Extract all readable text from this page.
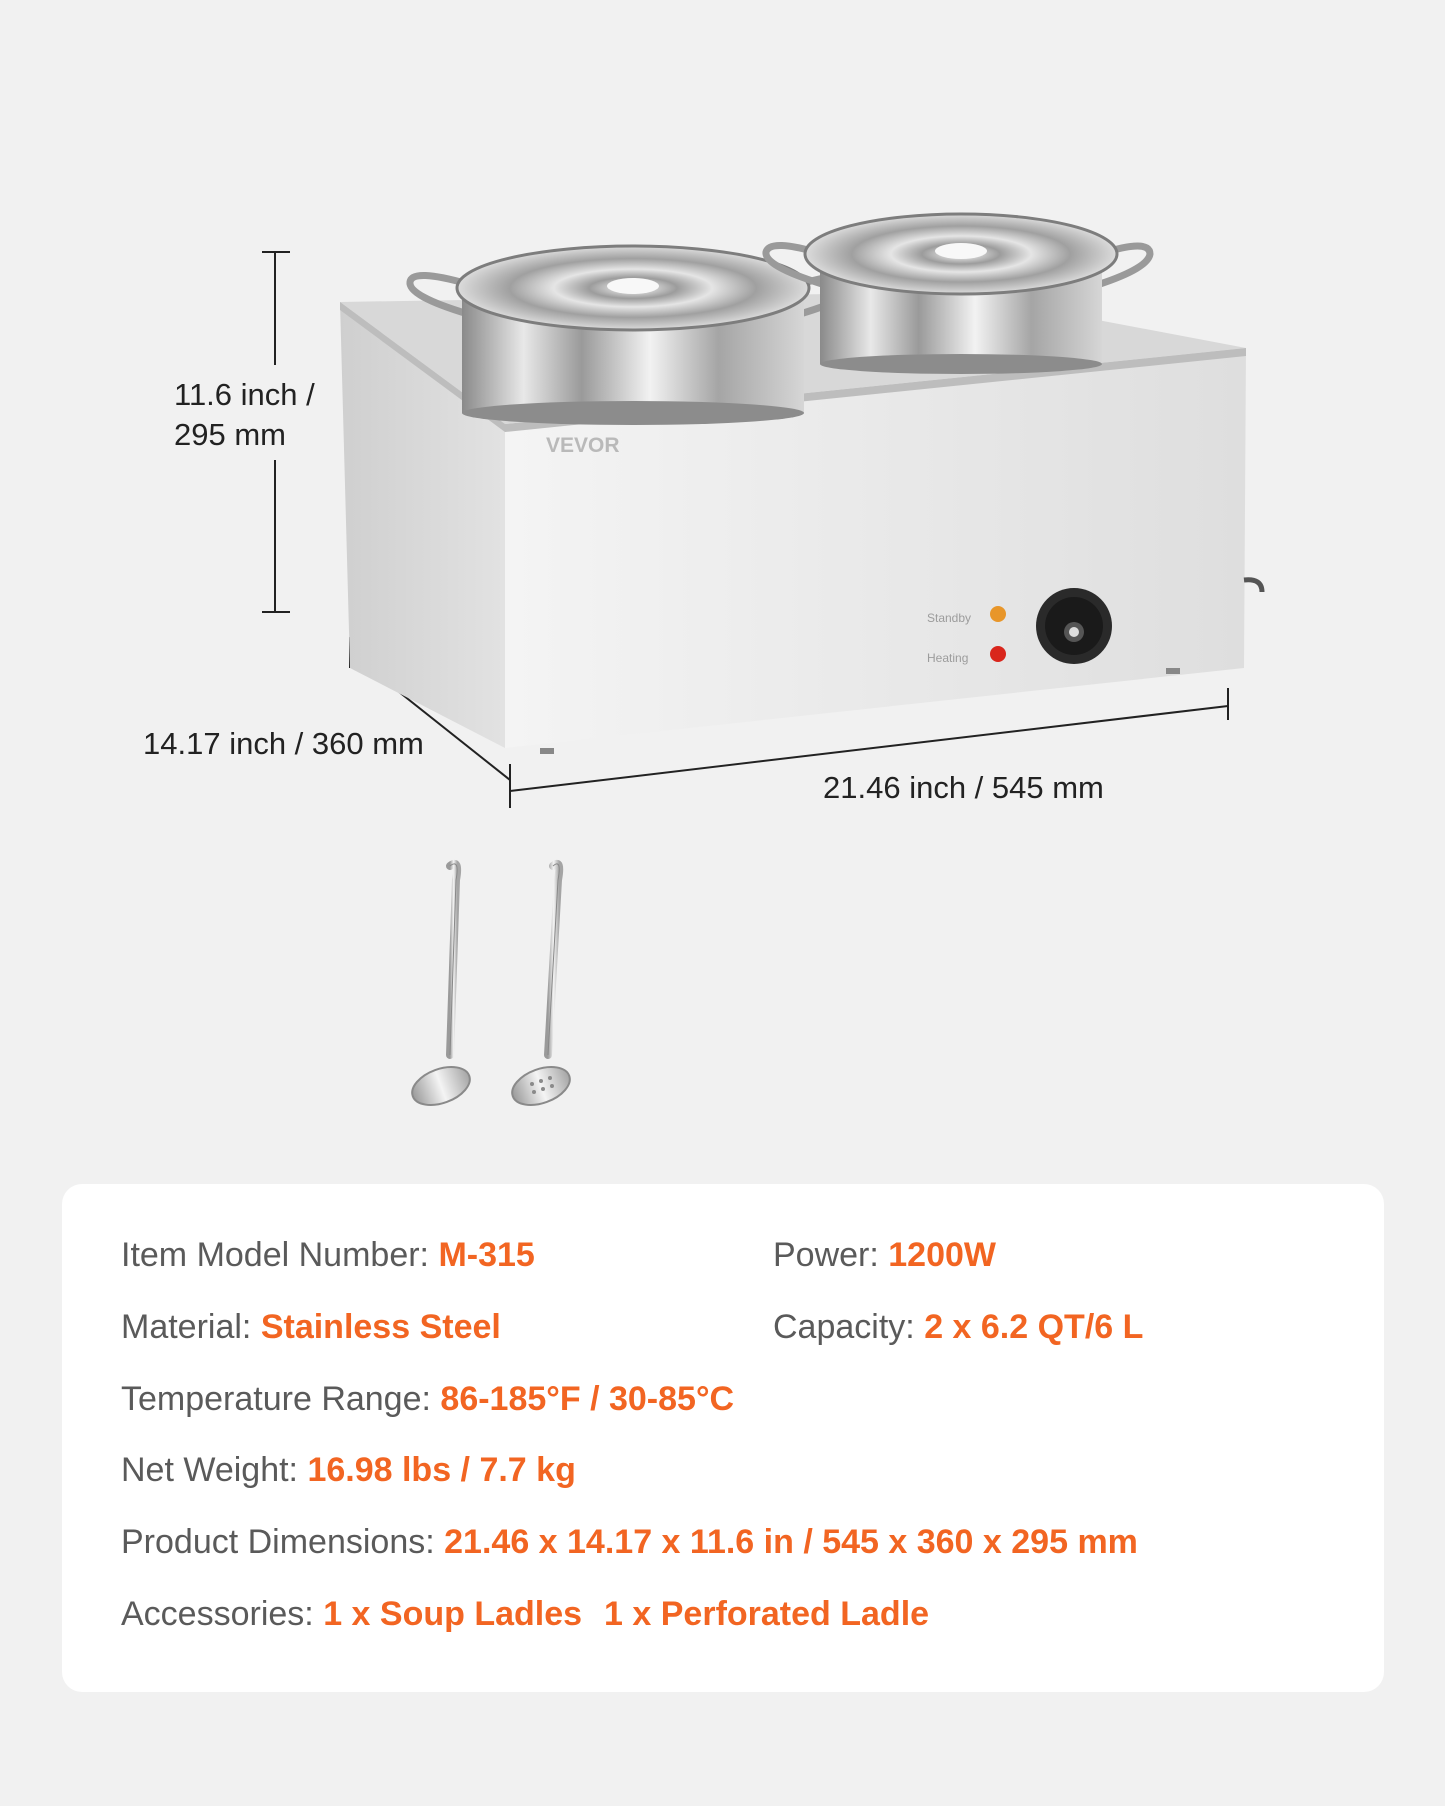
VEVOR
Standby
Heating
11.6 inch /
295 mm
14.17 inch / 360 mm
21.46 inch / 545 mm
Item Model Number: M-315	Power: 1200W
Material: Stainless Steel	Capacity: 2 x 6.2 QT/6 L
Temperature Range: 86-185°F / 30-85°C
Net Weight: 16.98 lbs / 7.7 kg
Product Dimensions: 21.46 x 14.17 x 11.6 in / 545 x 360 x 295 mm
Accessories: 1 x Soup Ladles 1 x Perforated Ladle
